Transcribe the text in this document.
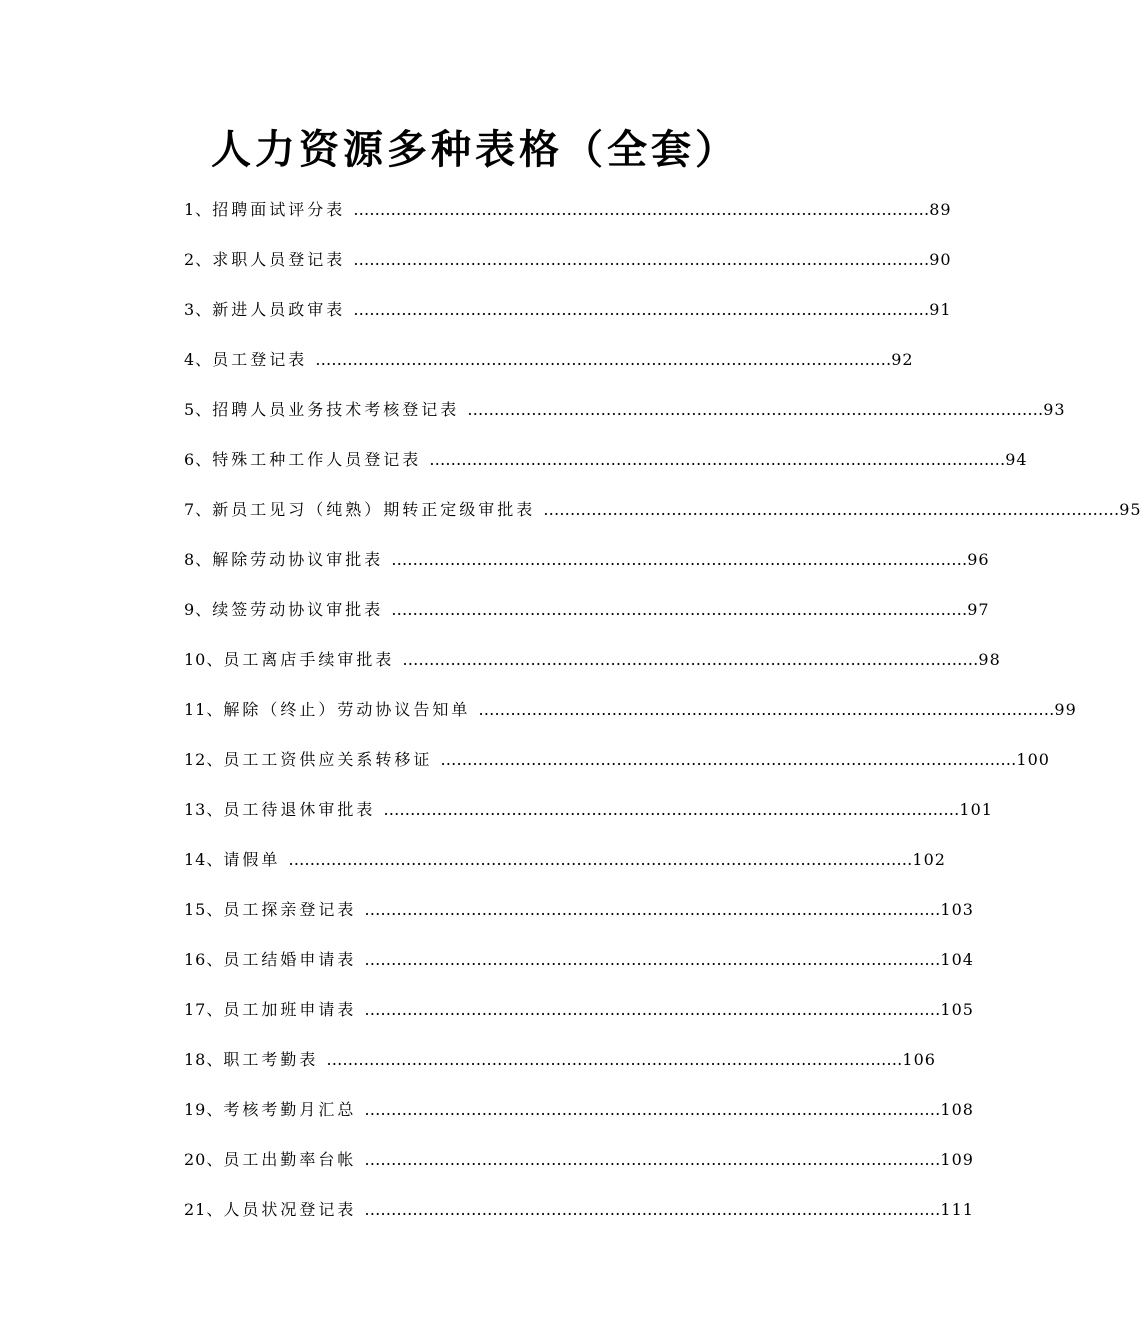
人力资源多种表格（全套）
1、 招聘面试评分表 ……………………………………………………………………………………………… 89
2、 求职人员登记表 ……………………………………………………………………………………………… 90
3、 新进人员政审表 ……………………………………………………………………………………………… 91
4、 员工登记表 ……………………………………………………………………………………………… 92
5、 招聘人员业务技术考核登记表 ……………………………………………………………………………………………… 93
6、 特殊工种工作人员登记表 ……………………………………………………………………………………………… 94
7、 新员工见习（纯熟）期转正定级审批表 ……………………………………………………………………………………………… 95
8、 解除劳动协议审批表 ……………………………………………………………………………………………… 96
9、 续签劳动协议审批表 ……………………………………………………………………………………………… 97
10、 员工离店手续审批表 ……………………………………………………………………………………………… 98
11、 解除（终止）劳动协议告知单 ……………………………………………………………………………………………… 99
12、 员工工资供应关系转移证 ……………………………………………………………………………………………… 100
13、 员工待退休审批表 ……………………………………………………………………………………………… 101
14、 请假单 ……………………………………………………………………………………………………… 102
15、 员工探亲登记表 ……………………………………………………………………………………………… 103
16、 员工结婚申请表 ……………………………………………………………………………………………… 104
17、 员工加班申请表 ……………………………………………………………………………………………… 105
18、 职工考勤表 ……………………………………………………………………………………………… 106
19、 考核考勤月汇总 ……………………………………………………………………………………………… 108
20、 员工出勤率台帐 ……………………………………………………………………………………………… 109
21、 人员状况登记表 ……………………………………………………………………………………………… 111
